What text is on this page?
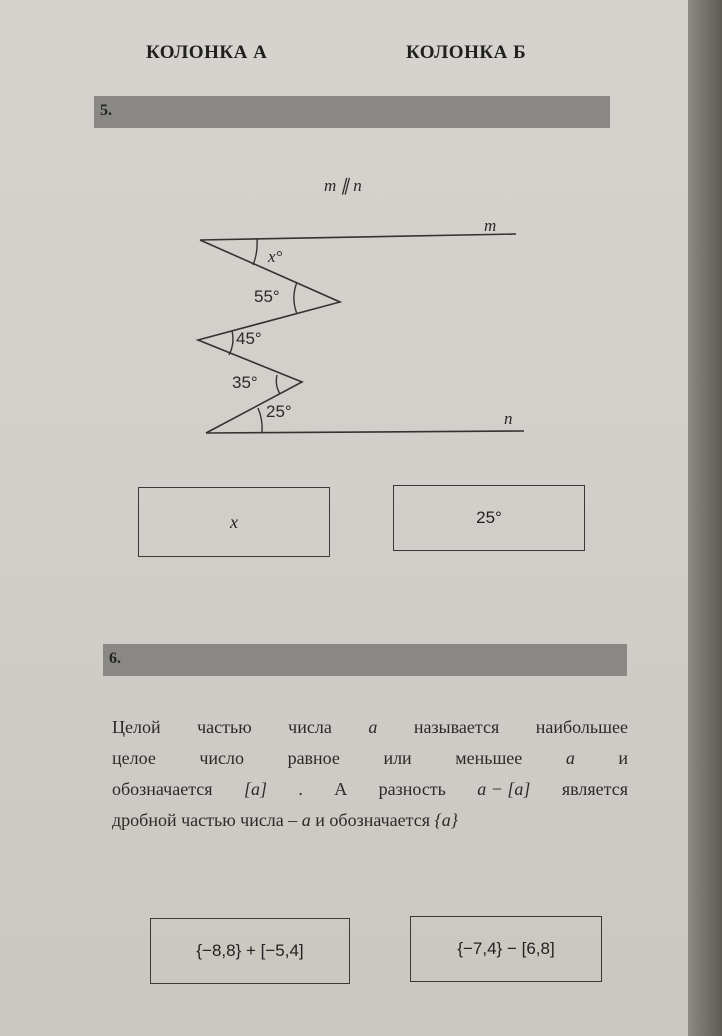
КОЛОНКА А	КОЛОНКА Б
5.
m ∥ n
m
n
x°
55°
45°
35°
25°
x	25°
6.
Целой частью числа a называется наибольшее
целое число равное или меньшее a и
обозначается [a] . А разность a − [a] является
дробной частью числа –
a
и обозначается
{a}
{−8,8} + [−5,4]	{−7,4} − [6,8]
